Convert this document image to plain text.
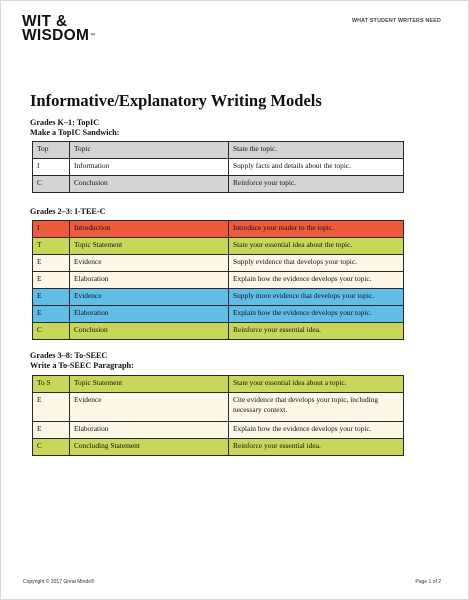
WIT &
WISDOM™
WHAT STUDENT WRITERS NEED
Informative/Explanatory Writing Models
Grades K–1: TopIC
Make a TopIC Sandwich:
Top	Topic	State the topic.
I	Information	Supply facts and details about the topic.
C	Conclusion	Reinforce your topic.
Grades 2–3: I-TEE-C
I	Introduction	Introduce your reader to the topic.
T	Topic Statement	State your essential idea about the topic.
E	Evidence	Supply evidence that develops your topic.
E	Elaboration	Explain how the evidence develops your topic.
E	Evidence	Supply more evidence that develops your topic.
E	Elaboration	Explain how the evidence develops your topic.
C	Conclusion	Reinforce your essential idea.
Grades 3–8: To-SEEC
Write a To-SEEC Paragraph:
To S	Topic Statement	State your essential idea about a topic.
E	Evidence	Cite evidence that develops your topic, including necessary context.
E	Elaboration	Explain how the evidence develops your topic.
C	Concluding Statement	Reinforce your essential idea.
Copyright © 2017 Great Minds®	Page 1 of 2
